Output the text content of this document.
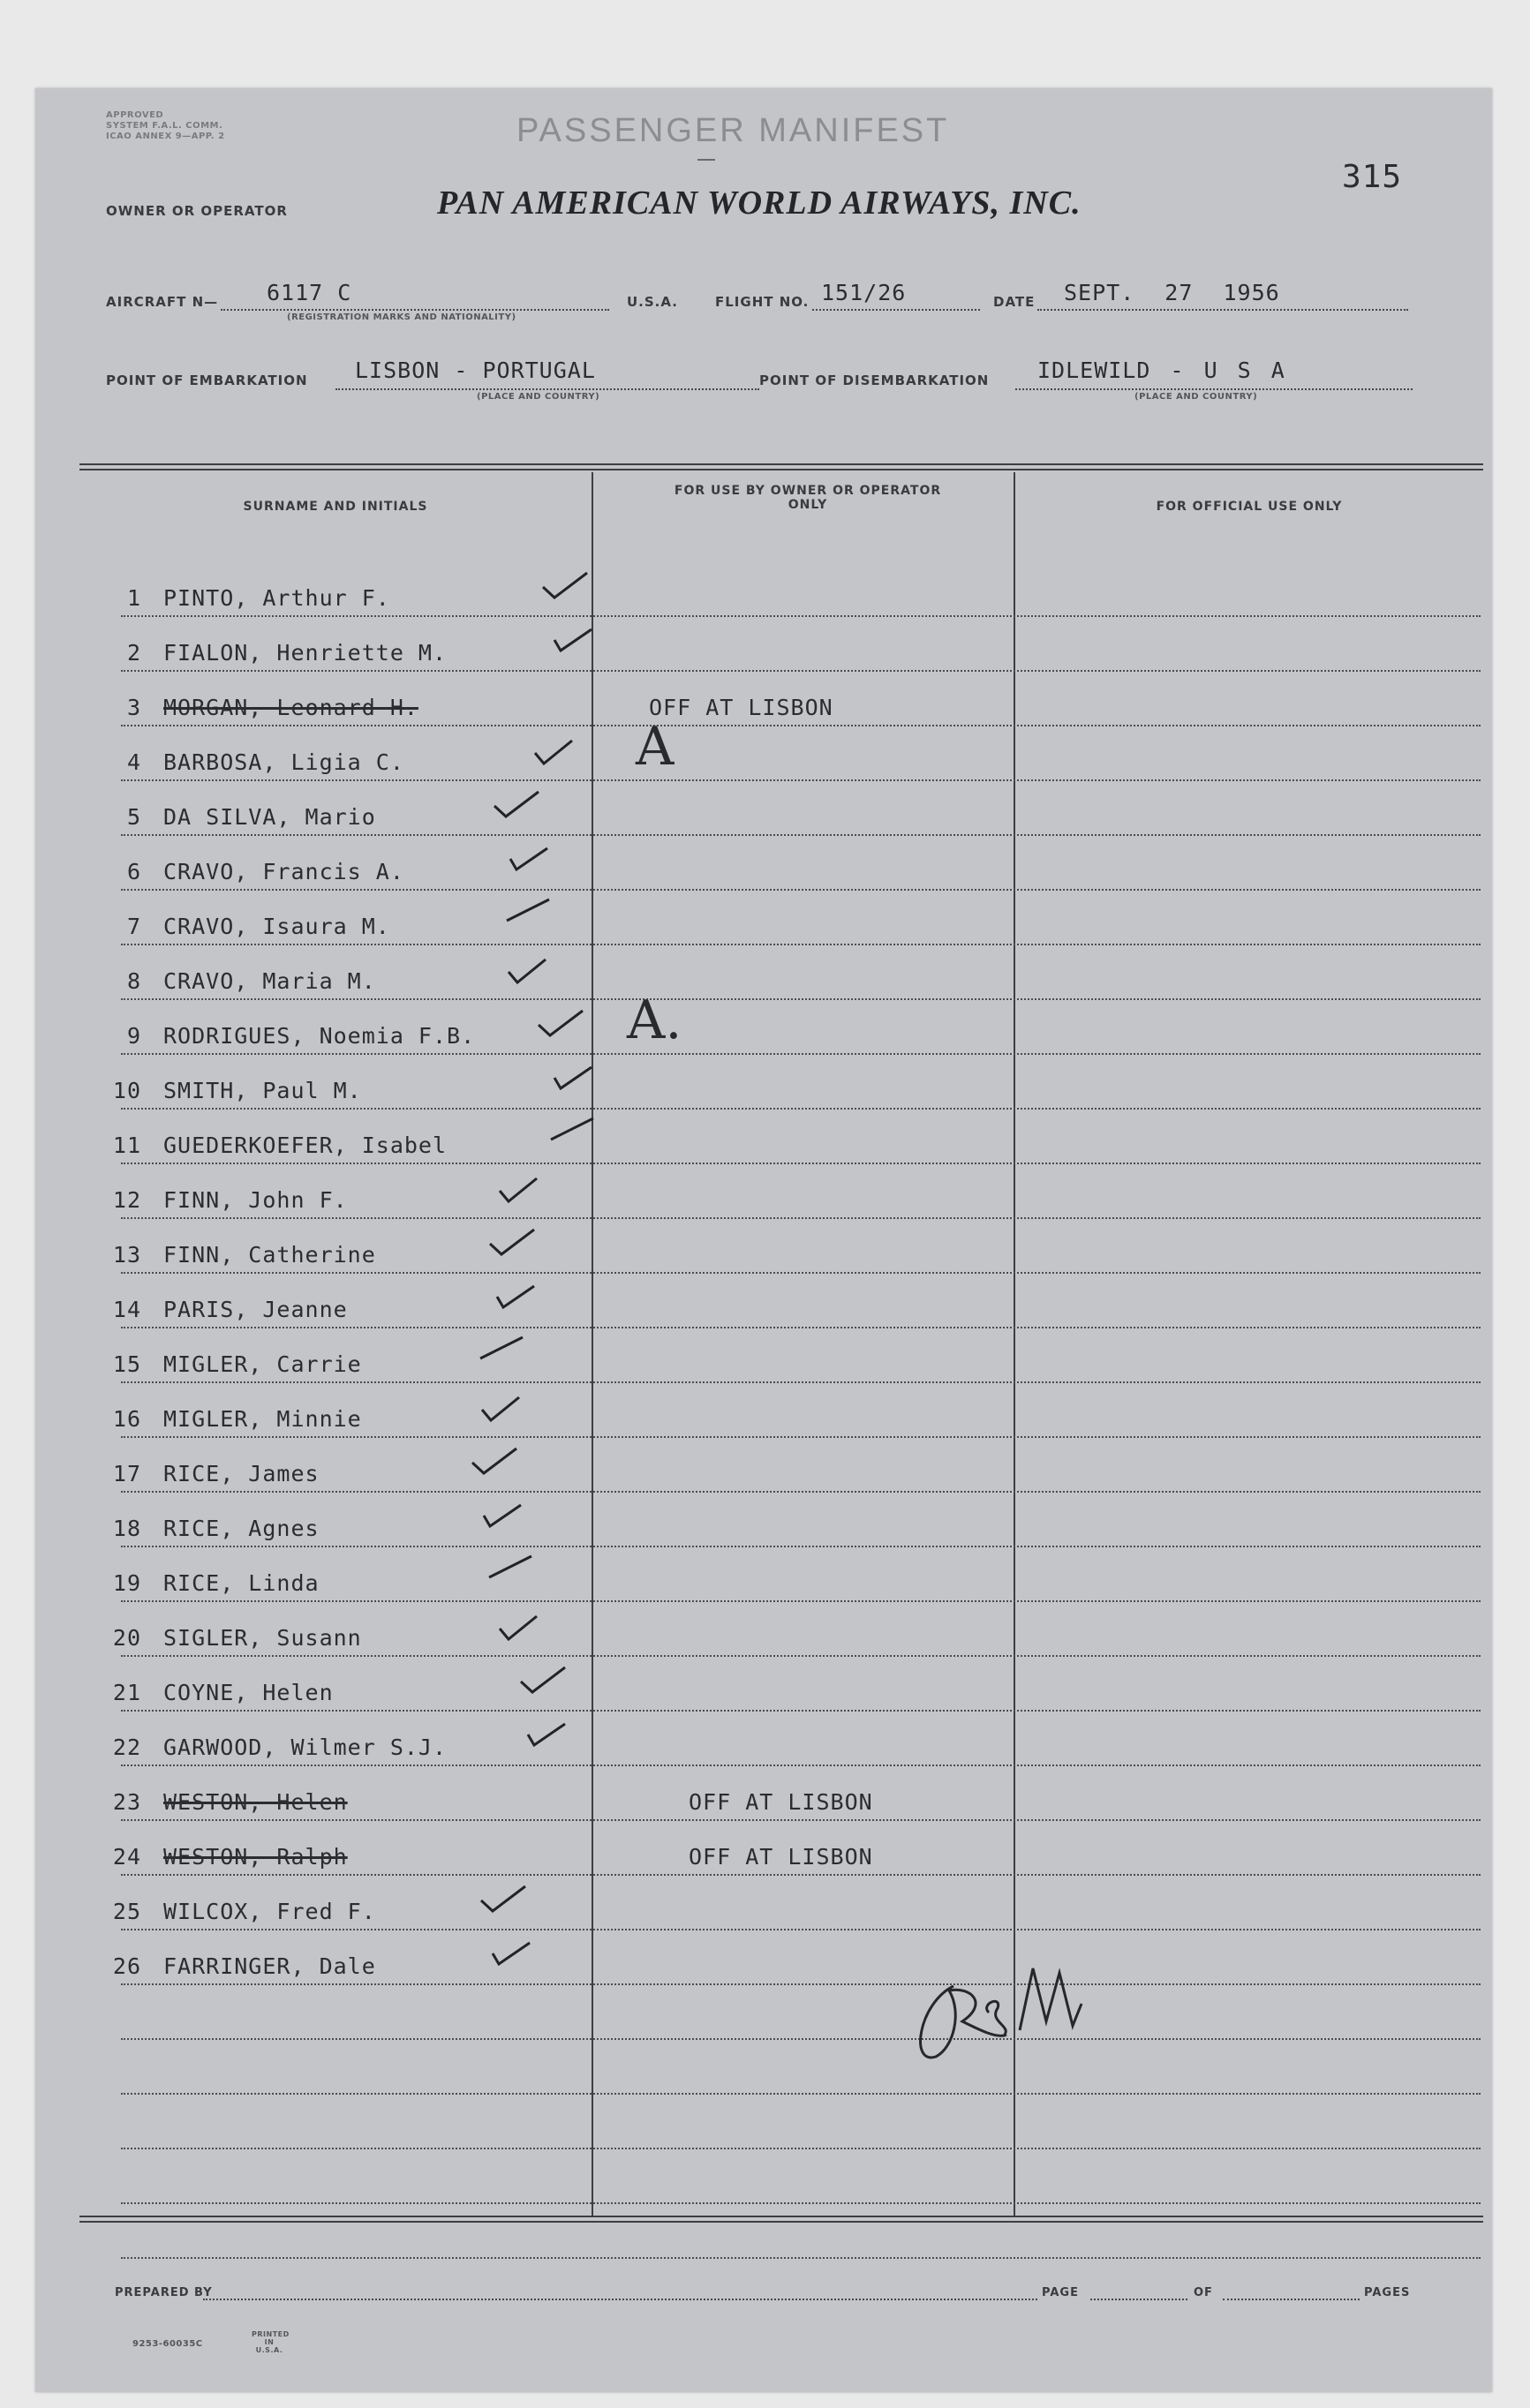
APPROVED
SYSTEM F.A.L. COMM.
ICAO ANNEX 9—APP. 2	PASSENGER MANIFEST
OWNER OR OPERATOR	PAN AMERICAN WORLD AIRWAYS, INC.
315
AIRCRAFT N— 6117 C
(REGISTRATION MARKS AND NATIONALITY)
U.S.A.	FLIGHT NO. 151/26	DATE SEPT. 27 1956
POINT OF EMBARKATION LISBON - PORTUGAL
(PLACE AND COUNTRY)
POINT OF DISEMBARKATION IDLEWILD - U S A
(PLACE AND COUNTRY)
SURNAME AND INITIALS
FOR USE BY OWNER OR OPERATOR ONLY	FOR OFFICIAL USE ONLY
1 PINTO, Arthur F.
2 FIALON, Henriette M.
3 MORGAN, Leonard H.	OFF AT LISBON
4 BARBOSA, Ligia C.	A
5 DA SILVA, Mario
6 CRAVO, Francis A.
7 CRAVO, Isaura M.
8 CRAVO, Maria M.
9 RODRIGUES, Noemia F.B.	A.
10 SMITH, Paul M.
11 GUEDERKOEFER, Isabel
12 FINN, John F.
13 FINN, Catherine
14 PARIS, Jeanne
15 MIGLER, Carrie
16 MIGLER, Minnie
17 RICE, James
18 RICE, Agnes
19 RICE, Linda
20 SIGLER, Susann
21 COYNE, Helen
22 GARWOOD, Wilmer S.J.
23 WESTON, Helen	OFF AT LISBON
24 WESTON, Ralph	OFF AT LISBON
25 WILCOX, Fred F.
26 FARRINGER, Dale
PREPARED BY	PAGE	OF	PAGES
9253-60035C
PRINTED IN U.S.A.
